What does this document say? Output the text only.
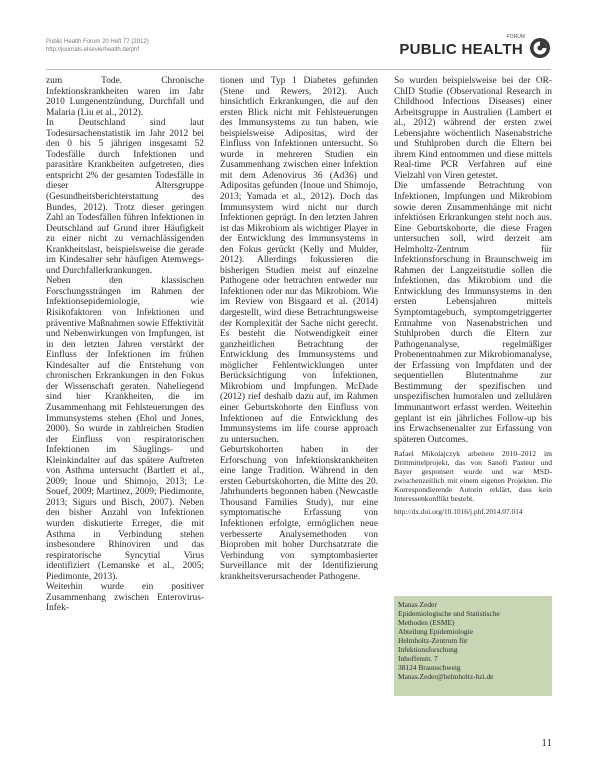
Public Health Forum 20 Heft 77 (2012)
http://journals.elsevierhealth.de/phf
FORUM
PUBLIC HEALTH

zum Tode. Chronische Infektionskrankheiten waren im Jahr 2010 Lungenentzündung, Durchfall und Malaria (Liu et al., 2012).

In Deutschland sind laut Todesursachenstatistik im Jahr 2012 bei den 0 bis 5 jährigen insgesamt 52 Todesfälle durch Infektionen und parasitäre Krankheiten aufgetreten, dies entspricht 2% der gesamten Todesfälle in dieser Altersgruppe (Gesundheitsberichterstattung des Bundes, 2012). Trotz dieser geringen Zahl an Todesfällen führen Infektionen in Deutschland auf Grund ihrer Häufigkeit zu einer nicht zu vernachlässigenden Krankheitslast, beispielsweise die gerade im Kindesalter sehr häufigen Atemwegs- und Durchfallerkrankungen.

Neben den klassischen Forschungssträngen im Rahmen der Infektionsepidemiologie, wie Risikofaktoren von Infektionen und präventive Maßnahmen sowie Effektivität und Nebenwirkungen von Impfungen, ist in den letzten Jahren verstärkt der Einfluss der Infektionen im frühen Kindesalter auf die Entstehung von chronischen Erkrankungen in den Fokus der Wissenschaft geraten. Naheliegend sind hier Krankheiten, die im Zusammenhang mit Fehlsteuerungen des Immunsystems stehen (Ehol und Jones, 2000). So wurde in zahlreichen Studien der Einfluss von respiratorischen Infektionen im Säuglings- und Kleinkindalter auf das spätere Auftreten von Asthma untersucht (Bartlett et al., 2009; Inoue und Shimojo, 2013; Le Souef, 2009; Martinez, 2009; Piedimonte, 2013; Sigurs und Bisch, 2007). Neben den bisher Anzahl von Infektionen wurden diskutierte Erreger, die mit Asthma in Verbindung stehen insbesondere Rhinoviren und das respiratorische Syncytial Virus identifiziert (Lemanske et al., 2005; Piedimonte, 2013).

Weiterhin wurde ein positiver Zusammenhang zwischen Enterovirus-Infek-

tionen und Typ 1 Diabetes gefunden (Stene und Rewers, 2012). Auch hinsichtlich Erkrankungen, die auf den ersten Blick nicht mit Fehlsteuerungen des Immunsystems zu tun haben, wie beispielsweise Adipositas, wird der Einfluss von Infektionen untersucht. So wurde in mehreren Studien ein Zusammenhang zwischen einer Infektion mit dem Adenovirus 36 (Ad36) und Adipositas gefunden (Inoue und Shimojo, 2013; Yamada et al., 2012). Doch das Immunsystem wird nicht nur durch Infektionen geprägt. In den letzten Jahren ist das Mikrobiom als wichtiger Player in der Entwicklung des Immunsystems in den Fokus gerückt (Kelly und Mulder, 2012). Allerdings fokussieren die bisherigen Studien meist auf einzelne Pathogene oder betrachten entweder nur Infektionen oder nur das Mikrobiom. Wie im Review von Bisgaard et al. (2014) dargestellt, wird diese Betrachtungsweise der Komplexität der Sache nicht gerecht. Es besteht die Notwendigkeit einer ganzheitlichen Betrachtung der Entwicklung des Immunsystems und möglicher Fehlentwicklungen unter Berücksichtigung von Infektionen, Mikrobiom und Impfungen. McDade (2012) rief deshalb dazu auf, im Rahmen einer Geburtskohorte den Einfluss von Infektionen auf die Entwicklung des Immunsystems im life course approach zu untersuchen.

Geburtskohorten haben in der Erforschung von Infektionskrankheiten eine lange Tradition. Während in den ersten Geburtskohorten, die Mitte des 20. Jahrhunderts begonnen haben (Newcastle Thousand Families Study), nur eine symptomatische Erfassung von Infektionen erfolgte, ermöglichen neue verbesserte Analysemethoden von Bioproben mit hoher Durchsatzrate die Verbindung von symptombasierter Surveillance mit der Identifizierung krankheitsverursachender Pathogene.

So wurden beispielsweise bei der OR-ChID Studie (Observational Research in Childhood Infectious Diseases) einer Arbeitsgruppe in Australien (Lambert et al., 2012) während der ersten zwei Lebensjahre wöchentlich Nasenabstriche und Stuhlproben durch die Eltern bei ihrem Kind entnommen und diese mittels Real-time PCR Verfahren auf eine Vielzahl von Viren getestet.

Die umfassende Betrachtung von Infektionen, Impfungen und Mikrobiom sowie deren Zusammenhänge mit nicht infektiösen Erkrankungen steht noch aus. Eine Geburtskohorte, die diese Fragen untersuchen soll, wird derzeit am Helmholtz-Zentrum für Infektionsforschung in Braunschweig im Rahmen der Langzeitstudie sollen die Infektionen, das Mikrobiom und die Entwicklung des Immunsystems in den ersten Lebensjahren mittels Symptomtagebuch, symptomgetriggerter Entnahme von Nasenabstrichen und Stuhlproben durch die Eltern zur Pathogenanalyse, regelmäßiger Probenentnahmen zur Mikrobiomanalyse, der Erfassung von Impfdaten und der sequentiellen Blutentnahme zur Bestimmung der spezifischen und unspezifischen humoralen und zellulären Immunantwort erfasst werden. Weiterhin geplant ist ein jährliches Follow-up bis ins Erwachsenenalter zur Erfassung von späteren Outcomes.

Rafael Mikolajczyk arbeitete 2010–2012 im Drittmittelprojekt, das von Sanofi Pasteur und Bayer gesponsert wurde und war MSD-zwischenzeitlich mit einem eigenen Projekten. Die Korrespondierende Autorin erklärt, dass kein Interessenkonflikt besteht.

http://dx.doi.org/10.1016/j.phf.2014.07.014

Manas Zeder
Epidemiologische und Statistische
Methoden (ESME)
Abteilung Epidemiologie
Helmholtz-Zentrum für
Infektionsforschung
Inhoffenstr. 7
38124 Braunschweig
Manas.Zeder@helmholtz-hzi.de
11
